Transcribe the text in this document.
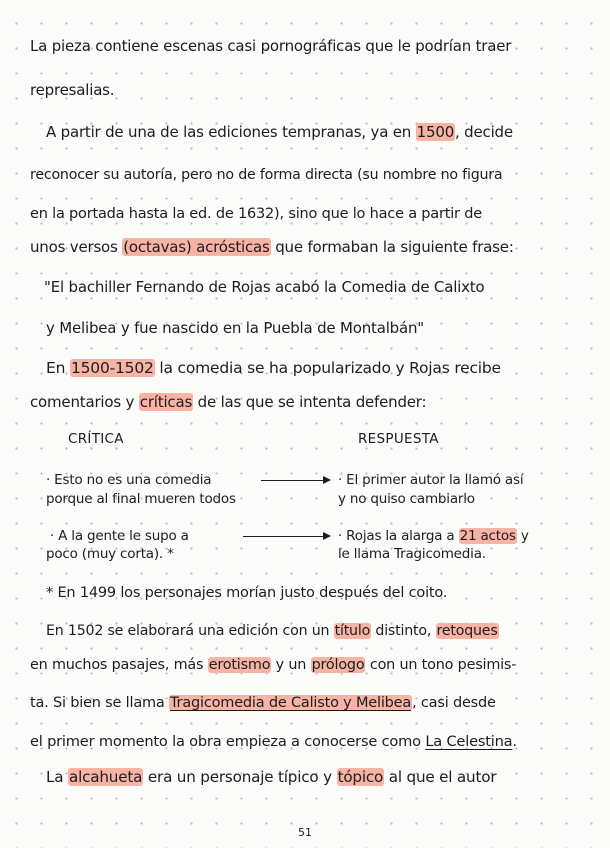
La pieza contiene escenas casi pornográficas que le podrían traer
represalias.
A partir de una de las ediciones tempranas, ya en 1500, decide
reconocer su autoría, pero no de forma directa (su nombre no figura
en la portada hasta la ed. de 1632), sino que lo hace a partir de
unos versos (octavas) acrósticas que formaban la siguiente frase:
"El bachiller Fernando de Rojas acabó la Comedia de Calixto
y Melibea y fue nascido en la Puebla de Montalbán"
En 1500-1502 la comedia se ha popularizado y Rojas recibe
comentarios y críticas de las que se intenta defender:
CRÍTICA	RESPUESTA
· Esto no es una comedia
porque al final mueren todos
· El primer autor la llamó así
y no quiso cambiarlo
· A la gente le supo a
poco (muy corta). *
· Rojas la alarga a 21 actos y
le llama Tragicomedia.
* En 1499 los personajes morían justo después del coito.
En 1502 se elaborará una edición con un título distinto, retoques
en muchos pasajes, más erotismo y un prólogo con un tono pesimis-
ta. Si bien se llama Tragicomedia de Calisto y Melibea, casi desde
el primer momento la obra empieza a conocerse como La Celestina.
La alcahueta era un personaje típico y tópico al que el autor
51
